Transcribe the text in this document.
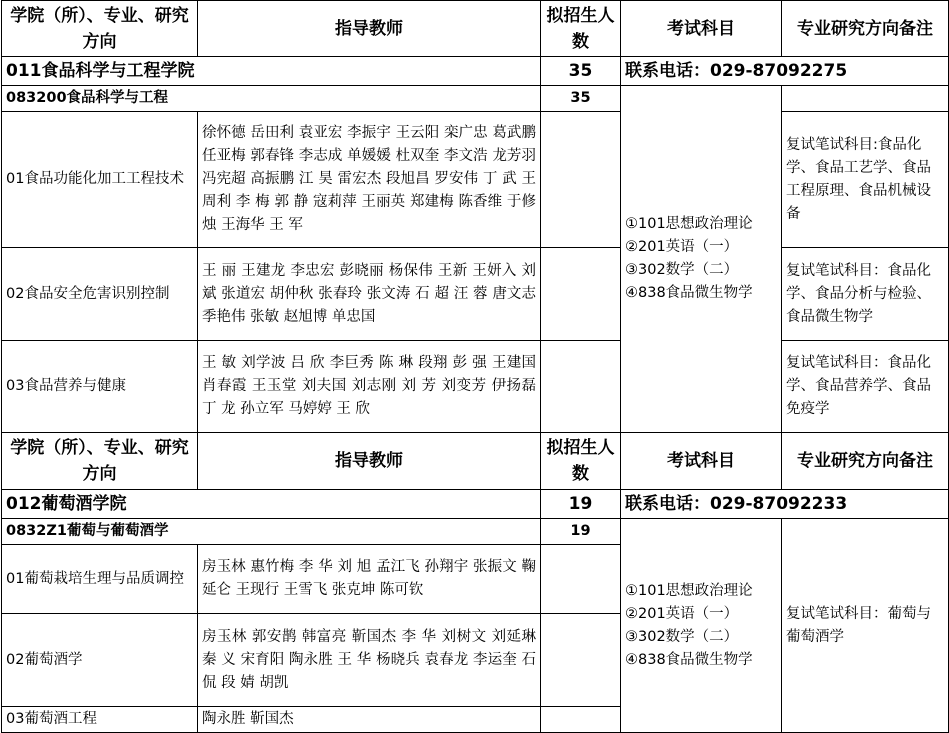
学院（所）、专业、研究方向	指导教师	拟招生人数	考试科目	专业研究方向备注
011食品科学与工程学院		35	联系电话：029-87092275	
083200食品科学与工程		35	①101思想政治理论
②201英语（一）
③302数学（二）
④838食品微生物学	

01食品功能化加工工程技术	徐怀德 岳田利 袁亚宏 李振宇 王云阳 栾广忠 葛武鹏 任亚梅 郭春锋 李志成 单媛媛 杜双奎 李文浩 龙芳羽 冯宪超 高振鹏 江 昊 雷宏杰 段旭昌 罗安伟 丁 武 王周利 李 梅 郭 静 寇莉萍 王丽英 郑建梅 陈香维 于修烛 王海华 王 军			复试笔试科目:食品化学、食品工艺学、食品工程原理、食品机械设备
02食品安全危害识别控制	王 丽 王建龙 李忠宏 彭晓丽 杨保伟 王新 王妍入 刘 斌 张道宏 胡仲秋 张春玲 张文涛 石 超 汪 蓉 唐文志 季艳伟 张敏 赵旭博 单忠国			复试笔试科目：食品化学、食品分析与检验、食品微生物学
03食品营养与健康	王 敏 刘学波 吕 欣 李巨秀 陈 琳 段翔 彭 强 王建国 肖春霞 王玉堂 刘夫国 刘志刚 刘 芳 刘变芳 伊扬磊 丁 龙 孙立军 马婷婷 王 欣			复试笔试科目：食品化学、食品营养学、食品免疫学
学院（所）、专业、研究方向	指导教师	拟招生人数	考试科目	专业研究方向备注
012葡萄酒学院		19	联系电话：029-87092233	
0832Z1葡萄与葡萄酒学		19	①101思想政治理论
②201英语（一）
③302数学（二）
④838食品微生物学	复试笔试科目：葡萄与葡萄酒学
01葡萄栽培生理与品质调控	房玉林 惠竹梅 李 华 刘 旭 孟江飞 孙翔宇 张振文 鞠延仑 王现行 王雪飞 张克坤 陈可钦			
02葡萄酒学	房玉林 郭安鹊 韩富亮 靳国杰 李 华 刘树文 刘延琳 秦 义 宋育阳 陶永胜 王 华 杨晓兵 袁春龙 李运奎 石 侃 段 婧 胡凯			
03葡萄酒工程	陶永胜 靳国杰			
